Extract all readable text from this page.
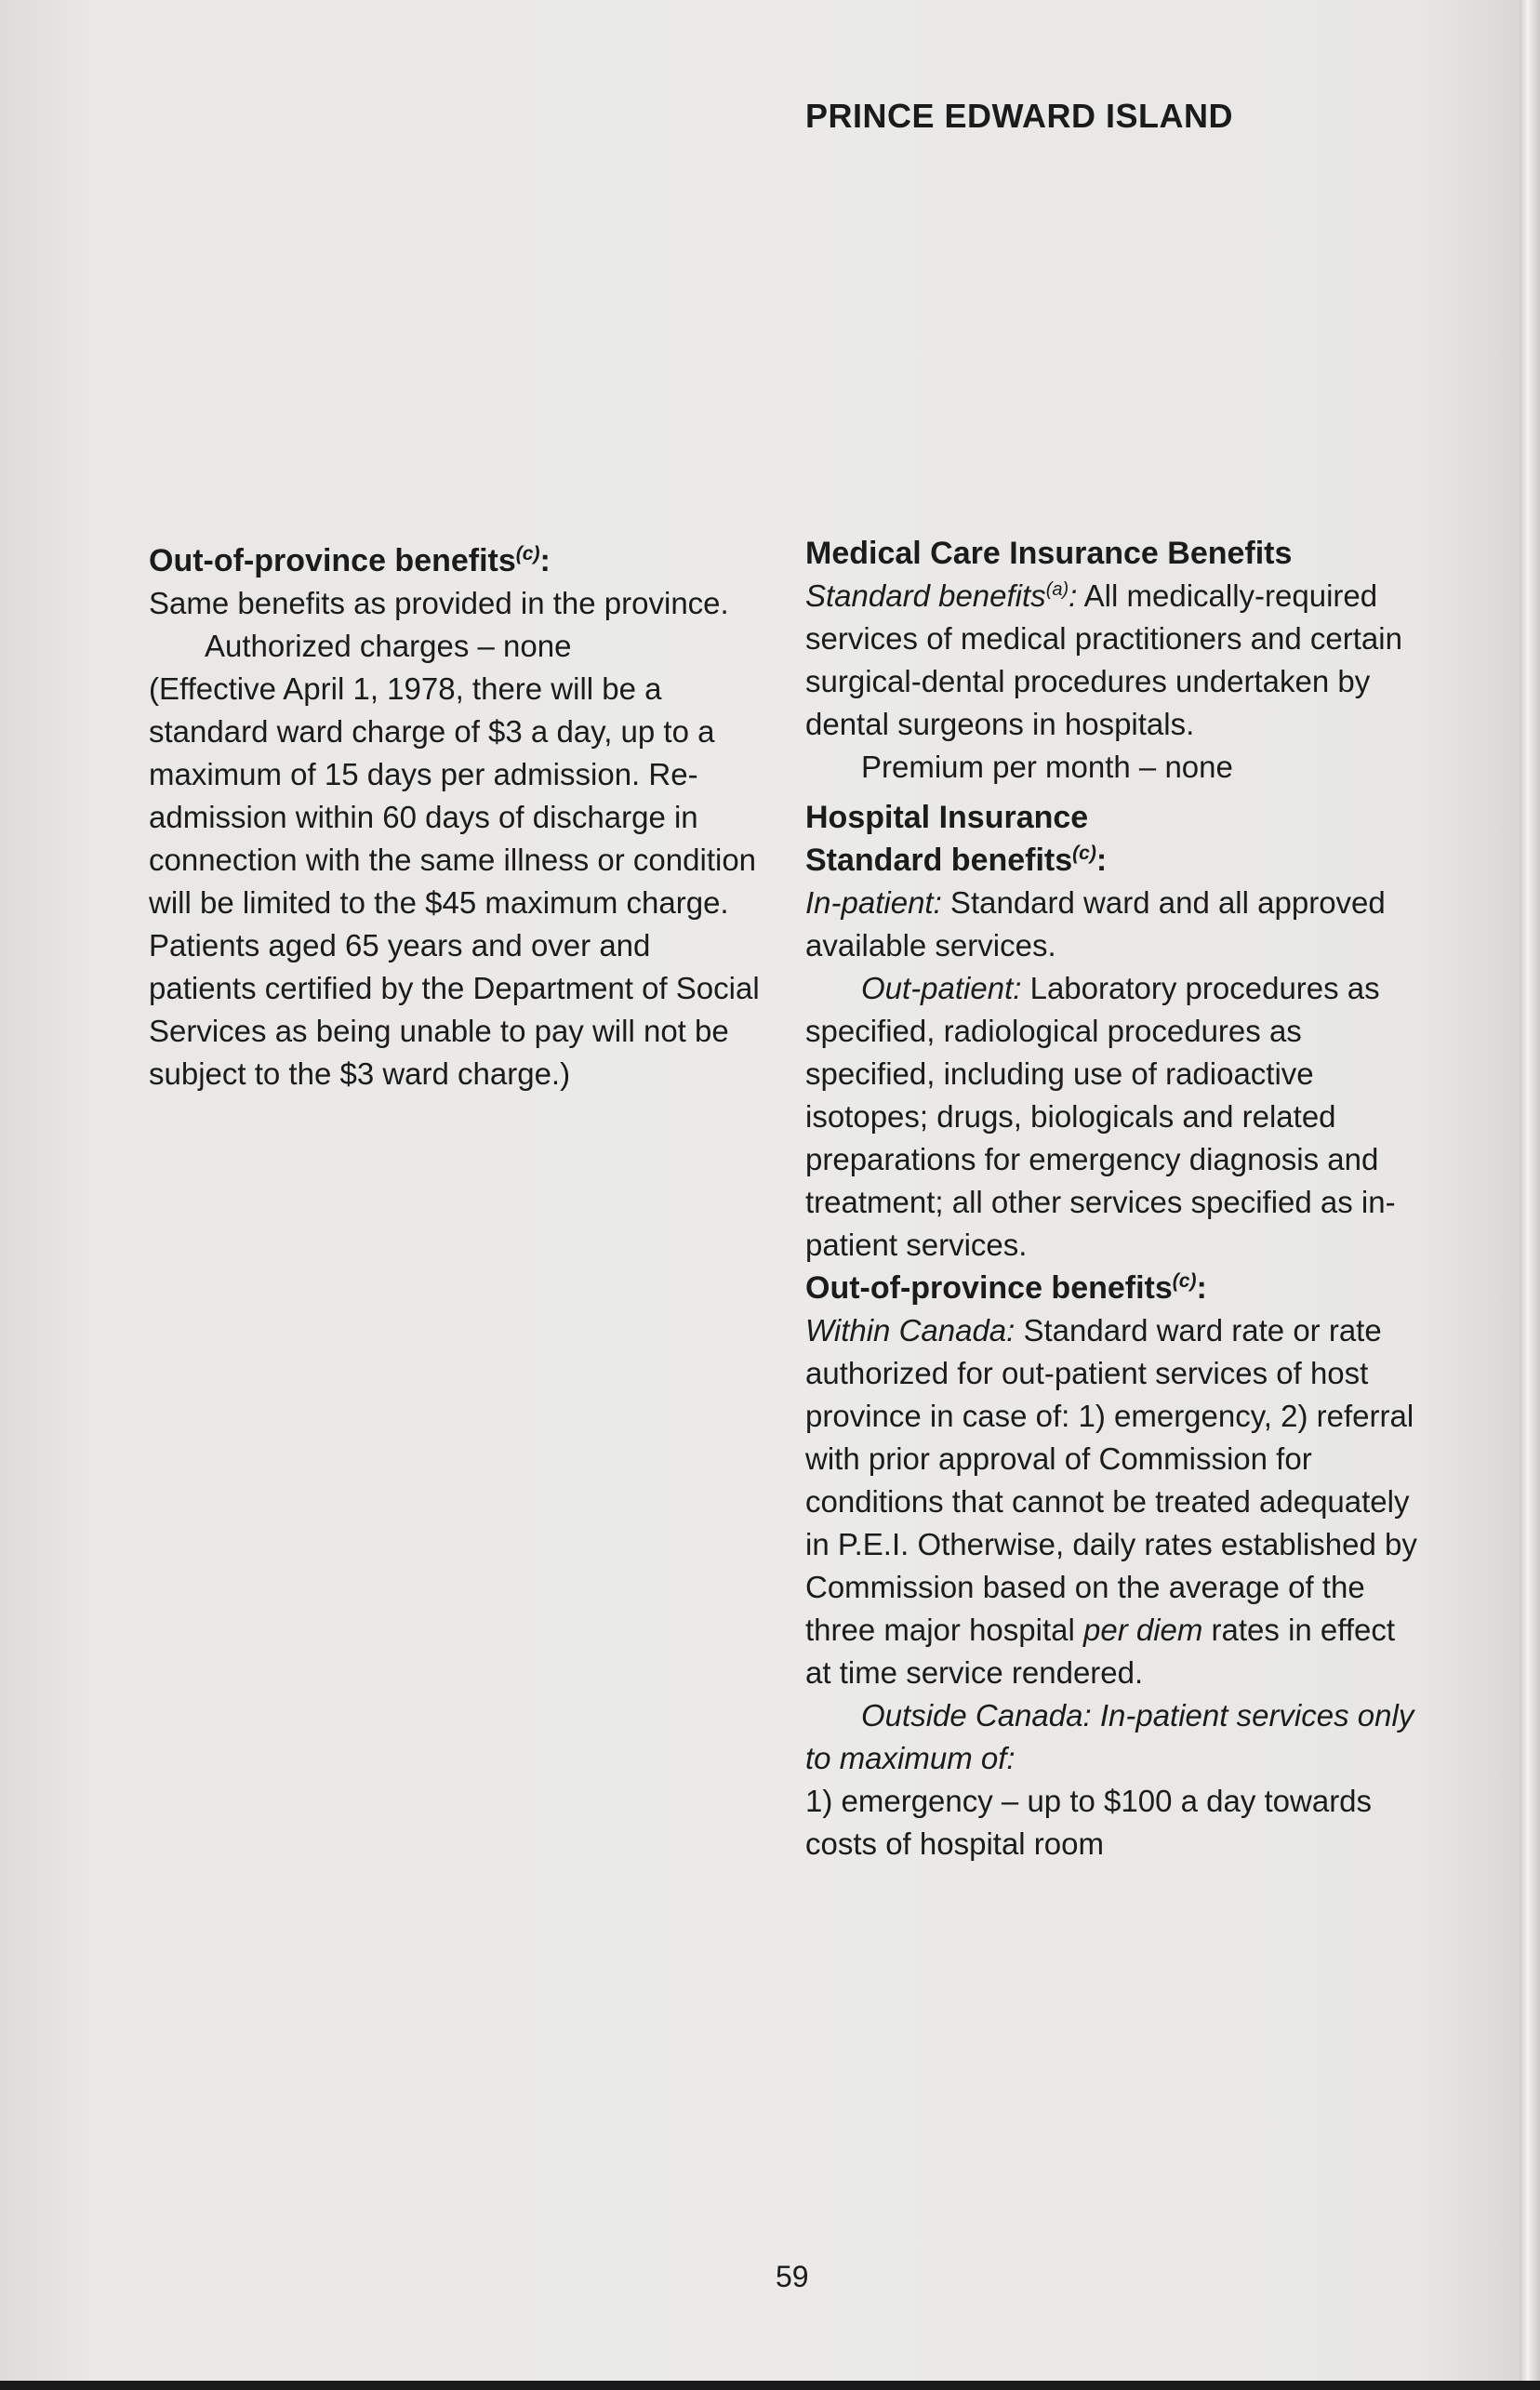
PRINCE EDWARD ISLAND

Out-of-province benefits$^{(c)}$:

Same benefits as provided in the province.

Authorized charges – none

(Effective April 1, 1978, there will be a standard ward charge of $3 a day, up to a maximum of 15 days per admission. Re-admission within 60 days of discharge in connection with the same illness or condition will be limited to the $45 maximum charge. Patients aged 65 years and over and patients certified by the Department of Social Services as being unable to pay will not be subject to the $3 ward charge.)

Medical Care Insurance Benefits

Standard benefits$^{(a)}$: All medically-required services of medical practitioners and certain surgical-dental procedures undertaken by dental surgeons in hospitals.

Premium per month – none

Hospital Insurance
Standard benefits$^{(c)}$:

In-patient: Standard ward and all approved available services.

Out-patient: Laboratory procedures as specified, radiological procedures as specified, including use of radioactive isotopes; drugs, biologicals and related preparations for emergency diagnosis and treatment; all other services specified as in-patient services.

Out-of-province benefits$^{(c)}$:

Within Canada: Standard ward rate or rate authorized for out-patient services of host province in case of: 1) emergency, 2) referral with prior approval of Commission for conditions that cannot be treated adequately in P.E.I. Otherwise, daily rates established by Commission based on the average of the three major hospital per diem rates in effect at time service rendered.

Outside Canada: In-patient services only to maximum of:

1) emergency – up to $100 a day towards costs of hospital room

59
